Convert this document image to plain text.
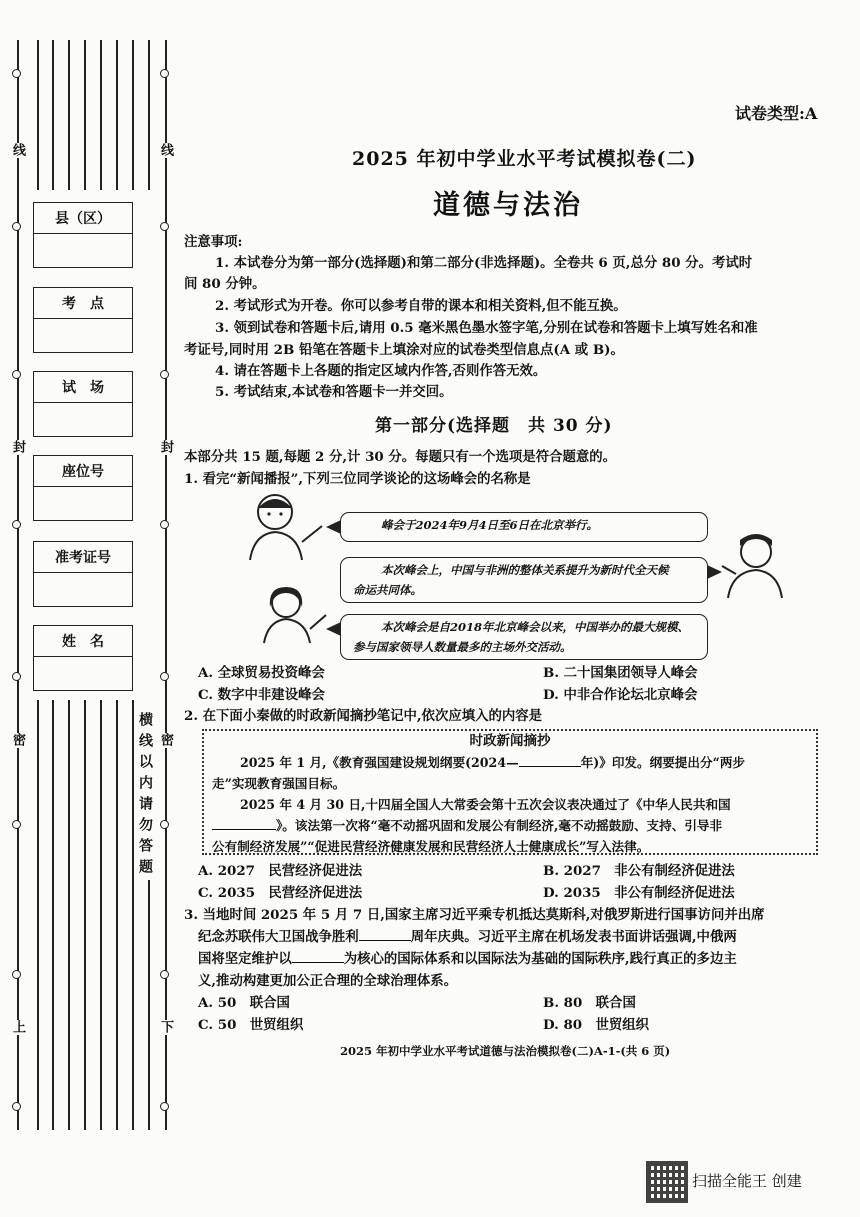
线	线
封	封
密	密
上	下
县（区）
考　点
试　场
座位号
准考证号
姓　名
横线以内请勿答题
试卷类型:A
2025 年初中学业水平考试模拟卷(二)
道德与法治
注意事项:
1. 本试卷分为第一部分(选择题)和第二部分(非选择题)。全卷共 6 页,总分 80 分。考试时
间 80 分钟。
2. 考试形式为开卷。你可以参考自带的课本和相关资料,但不能互换。
3. 领到试卷和答题卡后,请用 0.5 毫米黑色墨水签字笔,分别在试卷和答题卡上填写姓名和准
考证号,同时用 2B 铅笔在答题卡上填涂对应的试卷类型信息点(A 或 B)。
4. 请在答题卡上各题的指定区域内作答,否则作答无效。
5. 考试结束,本试卷和答题卡一并交回。
第一部分(选择题　共 30 分)
本部分共 15 题,每题 2 分,计 30 分。每题只有一个选项是符合题意的。
1. 看完“新闻播报”,下列三位同学谈论的这场峰会的名称是
峰会于2024年9月4日至6日在北京举行。
本次峰会上，中国与非洲的整体关系提升为新时代全天候
命运共同体。
本次峰会是自2018年北京峰会以来，中国举办的最大规模、
参与国家领导人数量最多的主场外交活动。
A. 全球贸易投资峰会	B. 二十国集团领导人峰会
C. 数字中非建设峰会	D. 中非合作论坛北京峰会
2. 在下面小秦做的时政新闻摘抄笔记中,依次应填入的内容是
时政新闻摘抄
2025 年 1 月,《教育强国建设规划纲要(2024—	年)》印发。纲要提出分“两步
走”实现教育强国目标。
2025 年 4 月 30 日,十四届全国人大常委会第十五次会议表决通过了《中华人民共和国
》。该法第一次将“毫不动摇巩固和发展公有制经济,毫不动摇鼓励、支持、引导非
公有制经济发展”“促进民营经济健康发展和民营经济人士健康成长”写入法律。
A. 2027　民营经济促进法	B. 2027　非公有制经济促进法
C. 2035　民营经济促进法	D. 2035　非公有制经济促进法
3. 当地时间 2025 年 5 月 7 日,国家主席习近平乘专机抵达莫斯科,对俄罗斯进行国事访问并出席
纪念苏联伟大卫国战争胜利	周年庆典。习近平主席在机场发表书面讲话强调,中俄两
国将坚定维护以	为核心的国际体系和以国际法为基础的国际秩序,践行真正的多边主
义,推动构建更加公正合理的全球治理体系。
A. 50　联合国	B. 80　联合国
C. 50　世贸组织	D. 80　世贸组织
2025 年初中学业水平考试道德与法治模拟卷(二)A-1-(共 6 页)
扫描全能王 创建
